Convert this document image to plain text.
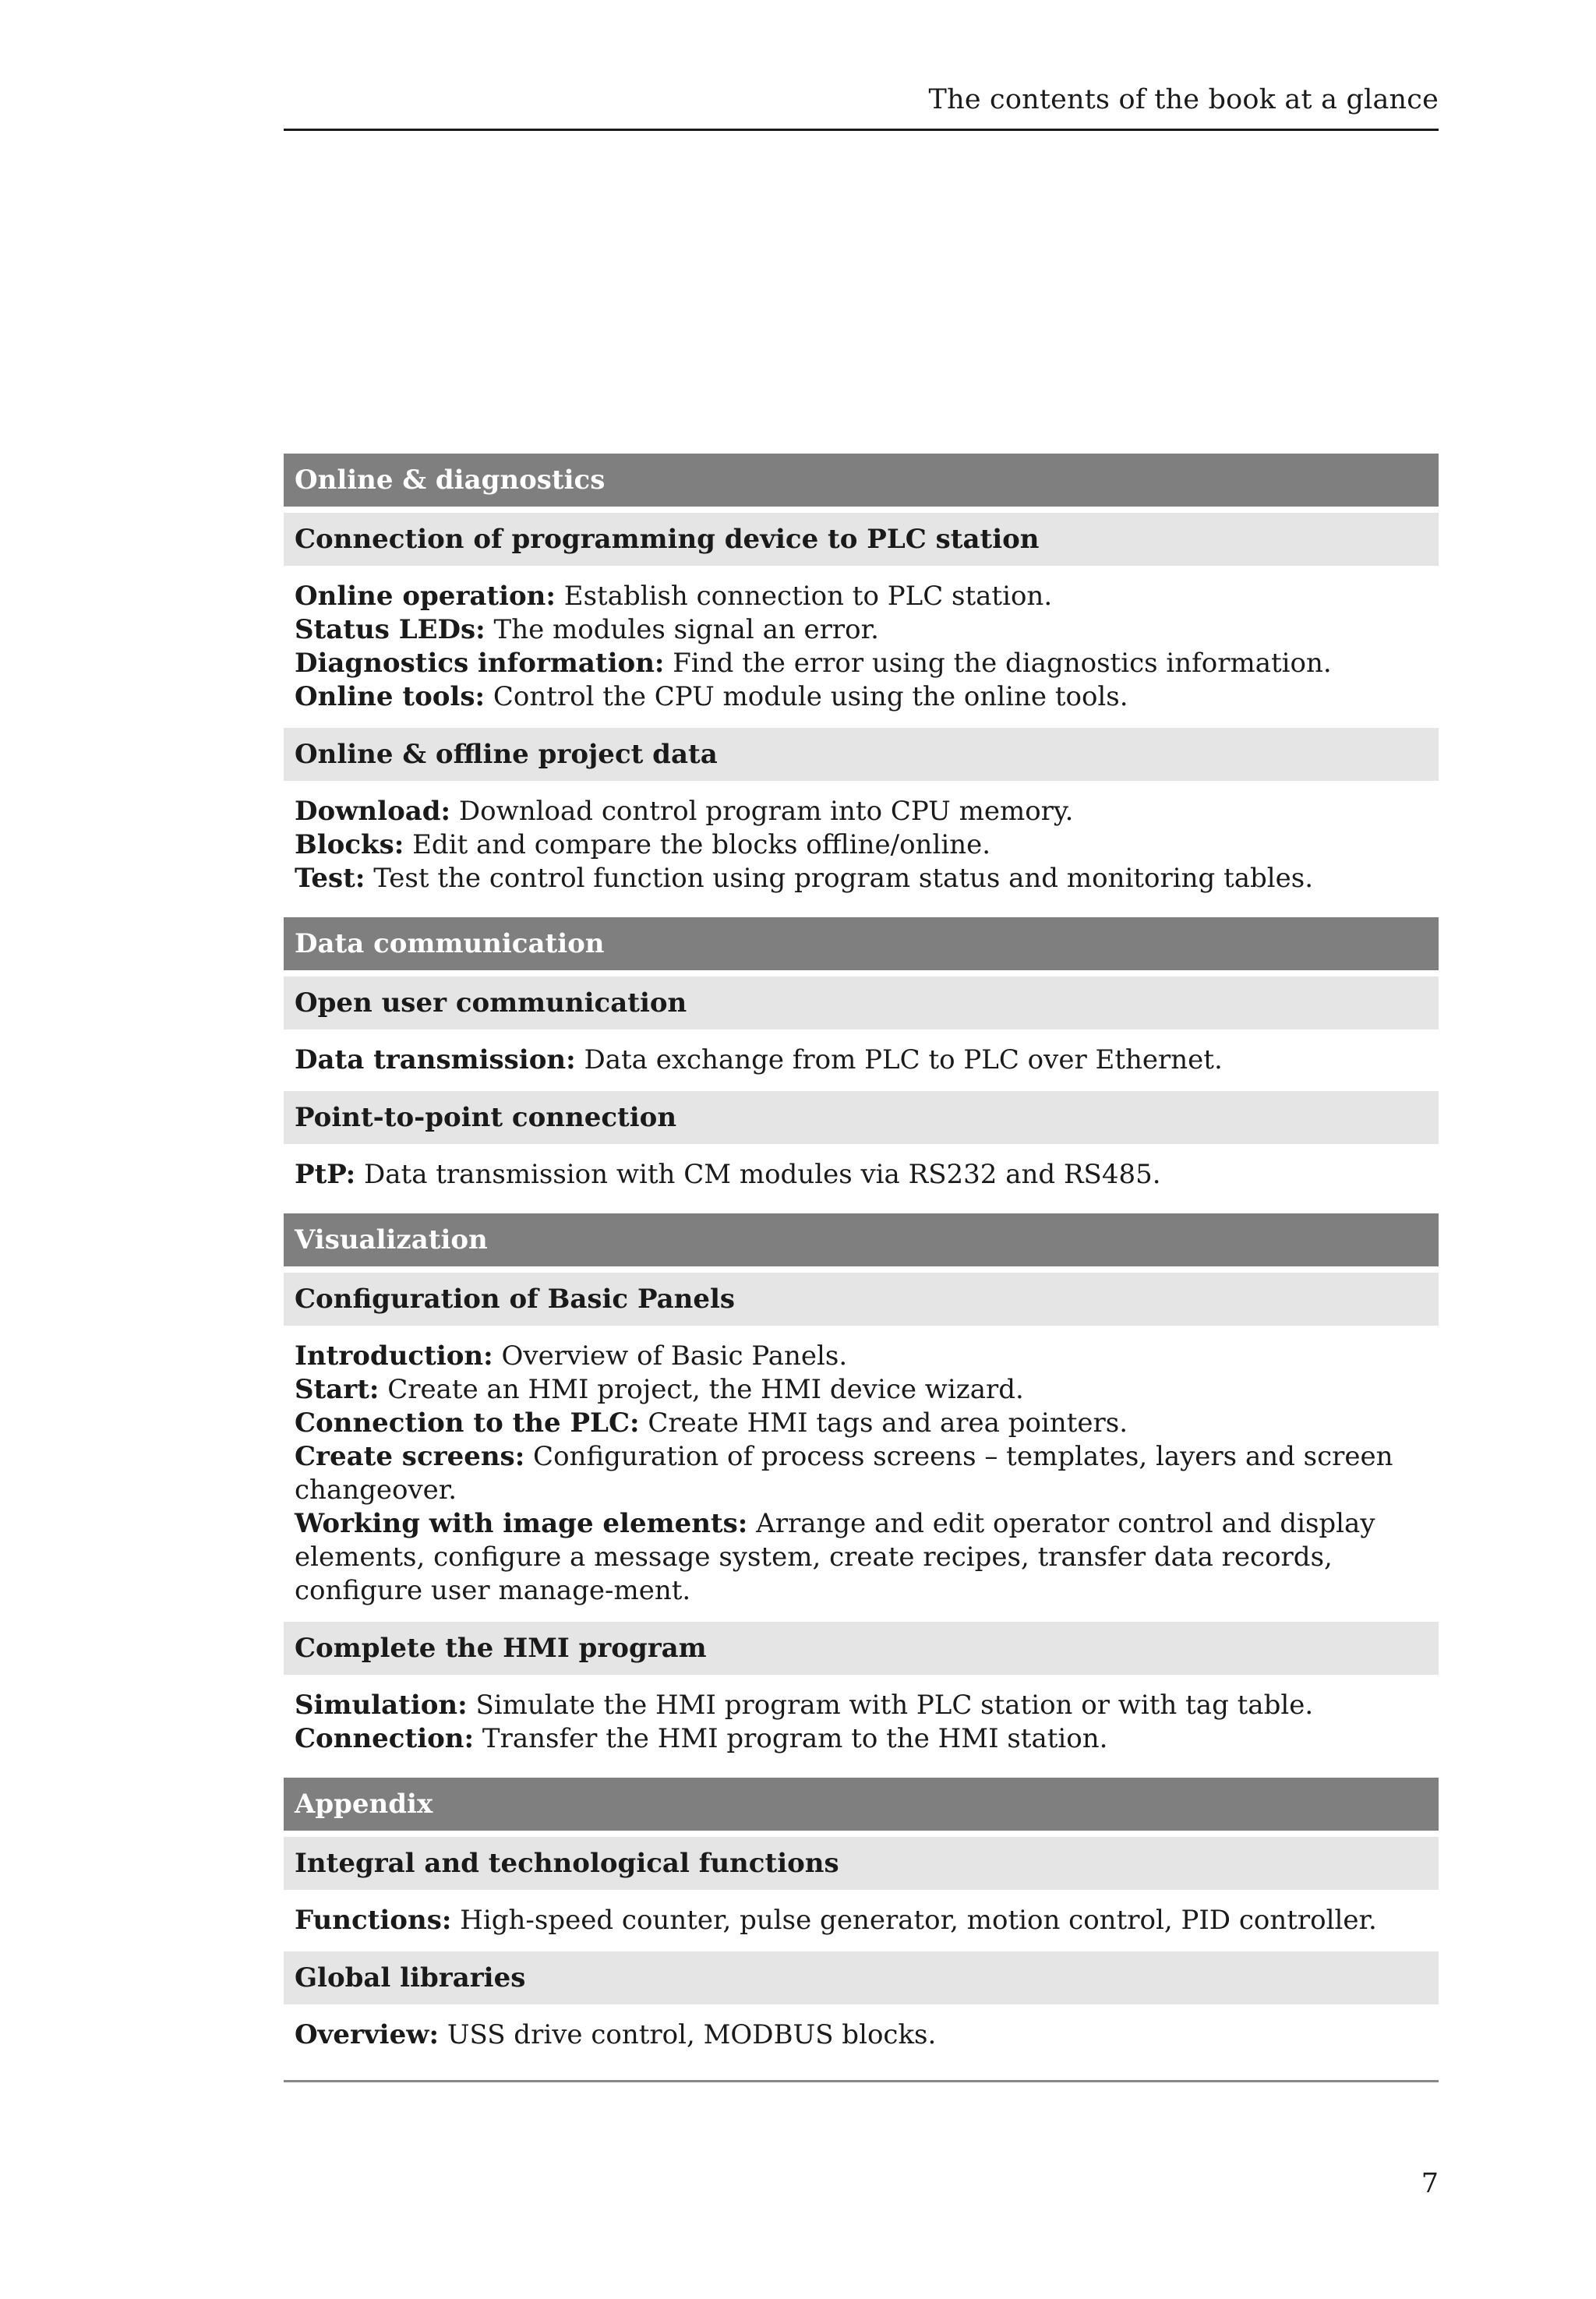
The contents of the book at a glance
Online & diagnostics
Connection of programming device to PLC station
Online operation: Establish connection to PLC station.
Status LEDs: The modules signal an error.
Diagnostics information: Find the error using the diagnostics information.
Online tools: Control the CPU module using the online tools.
Online & offline project data
Download: Download control program into CPU memory.
Blocks: Edit and compare the blocks offline/online.
Test: Test the control function using program status and monitoring tables.
Data communication
Open user communication
Data transmission: Data exchange from PLC to PLC over Ethernet.
Point-to-point connection
PtP: Data transmission with CM modules via RS232 and RS485.
Visualization
Configuration of Basic Panels
Introduction: Overview of Basic Panels.
Start: Create an HMI project, the HMI device wizard.
Connection to the PLC: Create HMI tags and area pointers.
Create screens: Configuration of process screens – templates, layers and screen changeover.
Working with image elements: Arrange and edit operator control and display elements, configure a message system, create recipes, transfer data records, configure user manage-ment.
Complete the HMI program
Simulation: Simulate the HMI program with PLC station or with tag table.
Connection: Transfer the HMI program to the HMI station.
Appendix
Integral and technological functions
Functions: High-speed counter, pulse generator, motion control, PID controller.
Global libraries
Overview: USS drive control, MODBUS blocks.
7
